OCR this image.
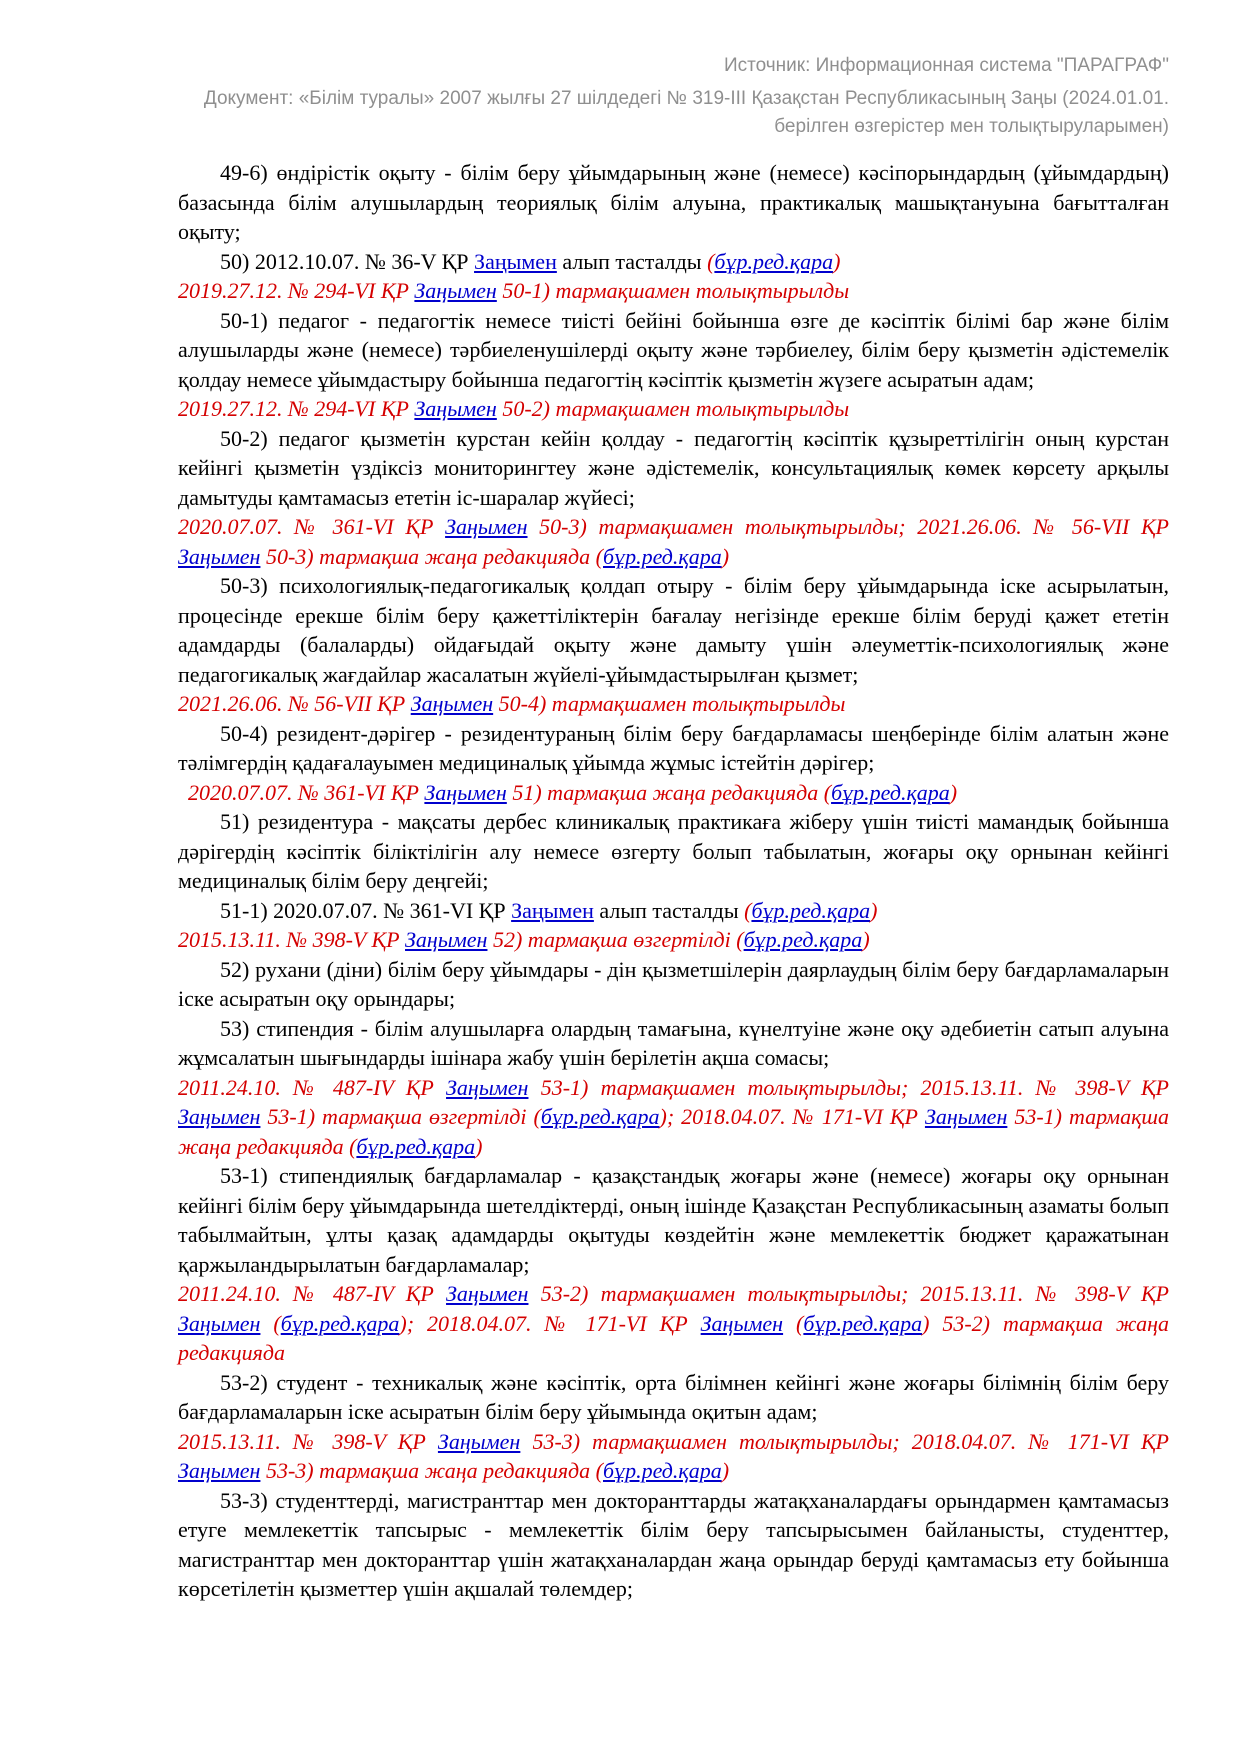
Источник: Информационная система "ПАРАГРАФ"

Документ: «Білім туралы» 2007 жылғы 27 шілдедегі № 319-III Қазақстан Республикасының Заңы (2024.01.01. берілген өзгерістер мен толықтыруларымен)

49-6) өндірістік оқыту - білім беру ұйымдарының және (немесе) кәсіпорындардың (ұйымдардың) базасында білім алушылардың теориялық білім алуына, практикалық машықтануына бағытталған оқыту;

50) 2012.10.07. № 36-V ҚР Заңымен алып тасталды (бұр.ред.қара)

2019.27.12. № 294-VI ҚР Заңымен 50-1) тармақшамен толықтырылды

50-1) педагог - педагогтік немесе тиісті бейіні бойынша өзге де кәсіптік білімі бар және білім алушыларды және (немесе) тәрбиеленушілерді оқыту және тәрбиелеу, білім беру қызметін әдістемелік қолдау немесе ұйымдастыру бойынша педагогтің кәсіптік қызметін жүзеге асыратын адам;

2019.27.12. № 294-VI ҚР Заңымен 50-2) тармақшамен толықтырылды

50-2) педагог қызметін курстан кейін қолдау - педагогтің кәсіптік құзыреттілігін оның курстан кейінгі қызметін үздіксіз мониторингтеу және әдістемелік, консультациялық көмек көрсету арқылы дамытуды қамтамасыз ететін іс-шаралар жүйесі;

2020.07.07. № 361-VI ҚР Заңымен 50-3) тармақшамен толықтырылды; 2021.26.06. № 56-VII ҚР Заңымен 50-3) тармақша жаңа редакцияда (бұр.ред.қара)

50-3) психологиялық-педагогикалық қолдап отыру - білім беру ұйымдарында іске асырылатын, процесінде ерекше білім беру қажеттіліктерін бағалау негізінде ерекше білім беруді қажет ететін адамдарды (балаларды) ойдағыдай оқыту және дамыту үшін әлеуметтік-психологиялық және педагогикалық жағдайлар жасалатын жүйелі-ұйымдастырылған қызмет;

2021.26.06. № 56-VII ҚР Заңымен 50-4) тармақшамен толықтырылды

50-4) резидент-дәрігер - резидентураның білім беру бағдарламасы шеңберінде білім алатын және тәлімгердің қадағалауымен медициналық ұйымда жұмыс істейтін дәрігер;

2020.07.07. № 361-VI ҚР Заңымен 51) тармақша жаңа редакцияда (бұр.ред.қара)

51) резидентура - мақсаты дербес клиникалық практикаға жіберу үшін тиісті мамандық бойынша дәрігердің кәсіптік біліктілігін алу немесе өзгерту болып табылатын, жоғары оқу орнынан кейінгі медициналық білім беру деңгейі;

51-1) 2020.07.07. № 361-VI ҚР Заңымен алып тасталды (бұр.ред.қара)

2015.13.11. № 398-V ҚР Заңымен 52) тармақша өзгертілді (бұр.ред.қара)

52) рухани (діни) білім беру ұйымдары - дін қызметшілерін даярлаудың білім беру бағдарламаларын іске асыратын оқу орындары;

53) стипендия - білім алушыларға олардың тамағына, күнелтуіне және оқу әдебиетін сатып алуына жұмсалатын шығындарды ішінара жабу үшін берілетін ақша сомасы;

2011.24.10. № 487-IV ҚР Заңымен 53-1) тармақшамен толықтырылды; 2015.13.11. № 398-V ҚР Заңымен 53-1) тармақша өзгертілді (бұр.ред.қара); 2018.04.07. № 171-VI ҚР Заңымен 53-1) тармақша жаңа редакцияда (бұр.ред.қара)

53-1) стипендиялық бағдарламалар - қазақстандық жоғары және (немесе) жоғары оқу орнынан кейінгі білім беру ұйымдарында шетелдіктерді, оның ішінде Қазақстан Республикасының азаматы болып табылмайтын, ұлты қазақ адамдарды оқытуды көздейтін және мемлекеттік бюджет қаражатынан қаржыландырылатын бағдарламалар;

2011.24.10. № 487-IV ҚР Заңымен 53-2) тармақшамен толықтырылды; 2015.13.11. № 398-V ҚР Заңымен (бұр.ред.қара); 2018.04.07. № 171-VI ҚР Заңымен (бұр.ред.қара) 53-2) тармақша жаңа редакцияда

53-2) студент - техникалық және кәсіптік, орта білімнен кейінгі және жоғары білімнің білім беру бағдарламаларын іске асыратын білім беру ұйымында оқитын адам;

2015.13.11. № 398-V ҚР Заңымен 53-3) тармақшамен толықтырылды; 2018.04.07. № 171-VI ҚР Заңымен 53-3) тармақша жаңа редакцияда (бұр.ред.қара)

53-3) студенттерді, магистранттар мен докторанттарды жатақханалардағы орындармен қамтамасыз етуге мемлекеттік тапсырыс - мемлекеттік білім беру тапсырысымен байланысты, студенттер, магистранттар мен докторанттар үшін жатақханалардан жаңа орындар беруді қамтамасыз ету бойынша көрсетілетін қызметтер үшін ақшалай төлемдер;
